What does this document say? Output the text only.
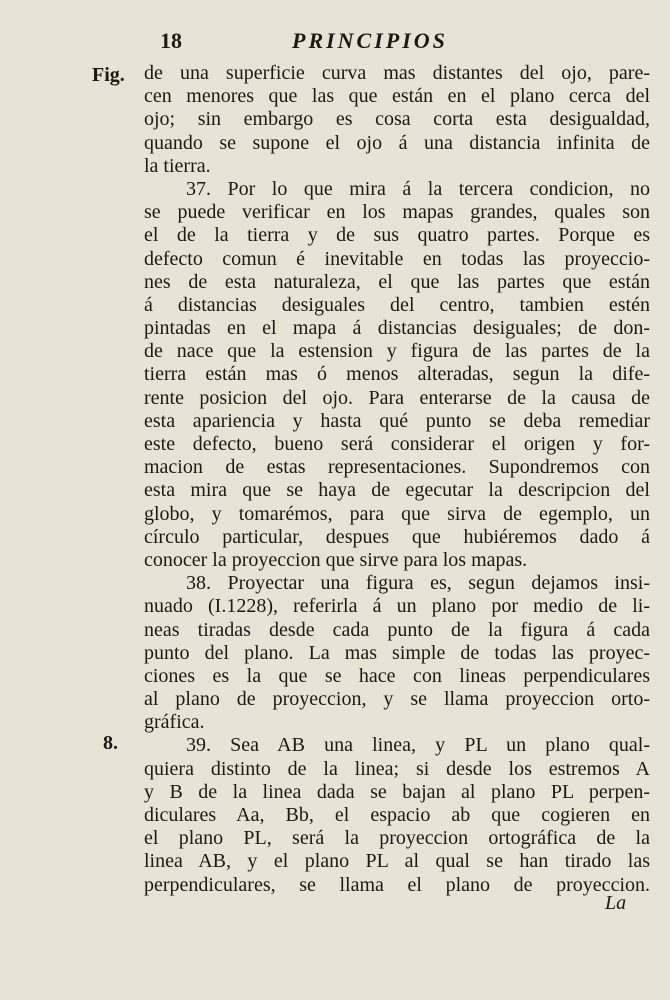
18	PRINCIPIOS
Fig.
8.
de una superficie curva mas distantes del ojo, pare-
cen menores que las que están en el plano cerca del
ojo; sin embargo es cosa corta esta desigualdad,
quando se supone el ojo á una distancia infinita de
la tierra.
37. Por lo que mira á la tercera condicion, no
se puede verificar en los mapas grandes, quales son
el de la tierra y de sus quatro partes. Porque es
defecto comun é inevitable en todas las proyeccio-
nes de esta naturaleza, el que las partes que están
á distancias desiguales del centro, tambien estén
pintadas en el mapa á distancias desiguales; de don-
de nace que la estension y figura de las partes de la
tierra están mas ó menos alteradas, segun la dife-
rente posicion del ojo. Para enterarse de la causa de
esta apariencia y hasta qué punto se deba remediar
este defecto, bueno será considerar el origen y for-
macion de estas representaciones. Supondremos con
esta mira que se haya de egecutar la descripcion del
globo, y tomarémos, para que sirva de egemplo, un
círculo particular, despues que hubiéremos dado á
conocer la proyeccion que sirve para los mapas.
38. Proyectar una figura es, segun dejamos insi-
nuado (I.1228), referirla á un plano por medio de li-
neas tiradas desde cada punto de la figura á cada
punto del plano. La mas simple de todas las proyec-
ciones es la que se hace con lineas perpendiculares
al plano de proyeccion, y se llama proyeccion orto-
gráfica.
39. Sea AB una linea, y PL un plano qual-
quiera distinto de la linea; si desde los estremos A
y B de la linea dada se bajan al plano PL perpen-
diculares Aa, Bb, el espacio ab que cogieren en
el plano PL, será la proyeccion ortográfica de la
linea AB, y el plano PL al qual se han tirado las
perpendiculares, se llama el plano de proyeccion.
La
